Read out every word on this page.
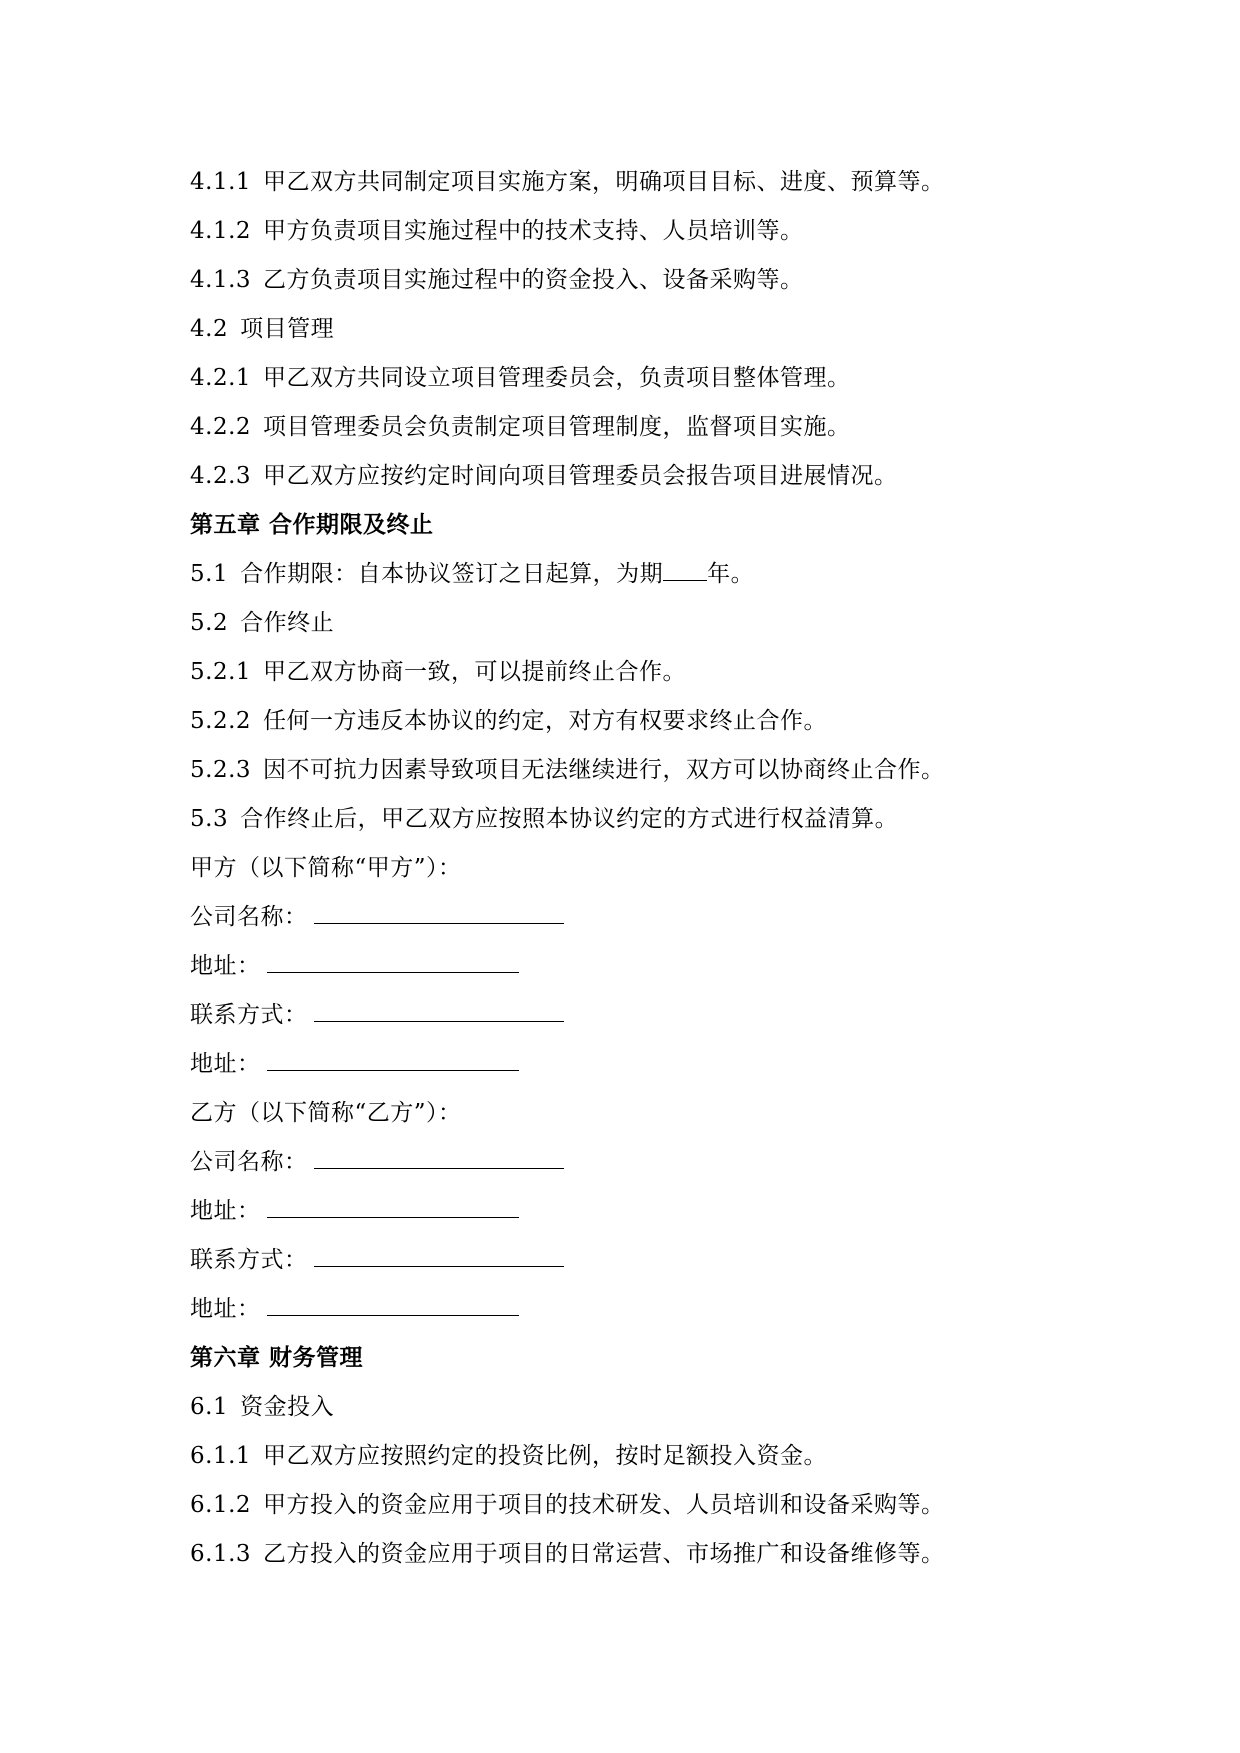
4.1.1 甲乙双方共同制定项目实施方案，明确项目目标、进度、预算等。
4.1.2 甲方负责项目实施过程中的技术支持、人员培训等。
4.1.3 乙方负责项目实施过程中的资金投入、设备采购等。
4.2 项目管理
4.2.1 甲乙双方共同设立项目管理委员会，负责项目整体管理。
4.2.2 项目管理委员会负责制定项目管理制度，监督项目实施。
4.2.3 甲乙双方应按约定时间向项目管理委员会报告项目进展情况。
第五章 合作期限及终止
5.1 合作期限：自本协议签订之日起算，为期 年。
5.2 合作终止
5.2.1 甲乙双方协商一致，可以提前终止合作。
5.2.2 任何一方违反本协议的约定，对方有权要求终止合作。
5.2.3 因不可抗力因素导致项目无法继续进行，双方可以协商终止合作。
5.3 合作终止后，甲乙双方应按照本协议约定的方式进行权益清算。
甲方（以下简称“甲方”）：
公司名称：
地址：
联系方式：
地址：
乙方（以下简称“乙方”）：
公司名称：
地址：
联系方式：
地址：
第六章 财务管理
6.1 资金投入
6.1.1 甲乙双方应按照约定的投资比例，按时足额投入资金。
6.1.2 甲方投入的资金应用于项目的技术研发、人员培训和设备采购等。
6.1.3 乙方投入的资金应用于项目的日常运营、市场推广和设备维修等。
